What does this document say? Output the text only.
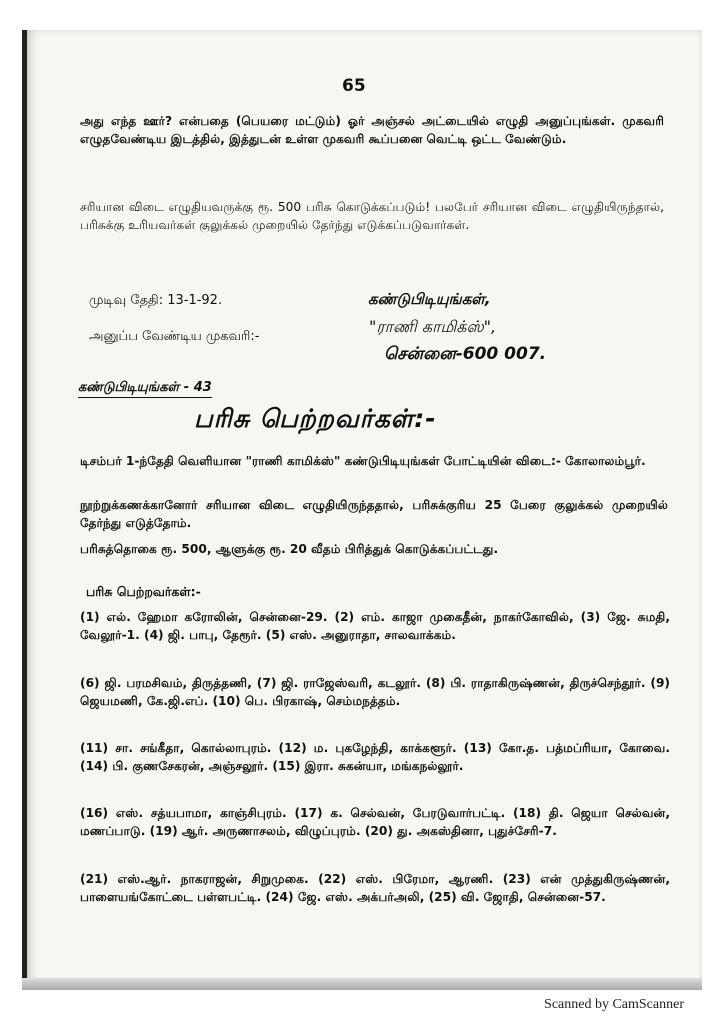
65

அது எந்த ஊர்? என்பதை (பெயரை மட்டும்) ஓர் அஞ்சல் அட்டையில் எழுதி அனுப்புங்கள். முகவரி எழுதவேண்டிய இடத்தில், இத்துடன் உள்ள முகவரி கூப்பனை வெட்டி ஒட்ட வேண்டும்.

சரியான விடை எழுதியவருக்கு ரூ. 500 பரிசு கொடுக்கப்படும்! பலபேர் சரியான விடை எழுதியிருந்தால், பரிசுக்கு உரியவர்கள் குலுக்கல் முறையில் தேர்ந்து எடுக்கப்படுவார்கள்.

முடிவு தேதி: 13-1-92.
அனுப்ப வேண்டிய முகவரி:-
கண்டுபிடியுங்கள்,
"ராணி காமிக்ஸ்",
சென்னை-600 007.
கண்டுபிடியுங்கள் - 43
பரிசு பெற்றவர்கள்:-

டிசம்பர் 1-ந்தேதி வெளியான "ராணி காமிக்ஸ்" கண்டுபிடியுங்கள் போட்டியின் விடை:- கோலாலம்பூர்.

நூற்றுக்கணக்கானோர் சரியான விடை எழுதியிருந்ததால், பரிசுக்குரிய 25 பேரை குலுக்கல் முறையில் தேர்ந்து எடுத்தோம்.

பரிசுத்தொகை ரூ. 500, ஆளுக்கு ரூ. 20 வீதம் பிரித்துக் கொடுக்கப்பட்டது.

பரிசு பெற்றவர்கள்:-

(1) எல். ஹேமா கரோலின், சென்னை-29. (2) எம். காஜா முகைதீன், நாகர்கோவில், (3) ஜே. சுமதி, வேலூர்-1. (4) ஜி. பாபு, தேரூர். (5) எஸ். அனுராதா, சாலவாக்கம்.

(6) ஜி. பரமசிவம், திருத்தணி, (7) ஜி. ராஜேஸ்வரி, கடலூர். (8) பி. ராதாகிருஷ்ணன், திருச்செந்தூர். (9) ஜெயமணி, கே.ஜி.எப். (10) பெ. பிரகாஷ், செம்மநத்தம்.

(11) சா. சங்கீதா, கொல்லாபுரம். (12) ம. புகழேந்தி, காக்களூர். (13) கோ.த. பத்மப்ரியா, கோவை. (14) பி. குணசேகரன், அஞ்சலூர். (15) இரா. சுகன்யா, மங்கநல்லூர்.

(16) எஸ். சத்யபாமா, காஞ்சிபுரம். (17) க. செல்வன், பேரடுவார்பட்டி. (18) தி. ஜெயா செல்வன், மணப்பாடு. (19) ஆர். அருணாசலம், விழுப்புரம். (20) து. அகஸ்தினா, புதுச்சேரி-7.

(21) எஸ்.ஆர். நாகராஜன், சிறுமுகை. (22) எஸ். பிரேமா, ஆரணி. (23) என் முத்துகிருஷ்ணன், பாளையங்கோட்டை பள்ளபட்டி. (24) ஜே. எஸ். அக்பர்அலி, (25) வி. ஜோதி, சென்னை-57.

Scanned by CamScanner
